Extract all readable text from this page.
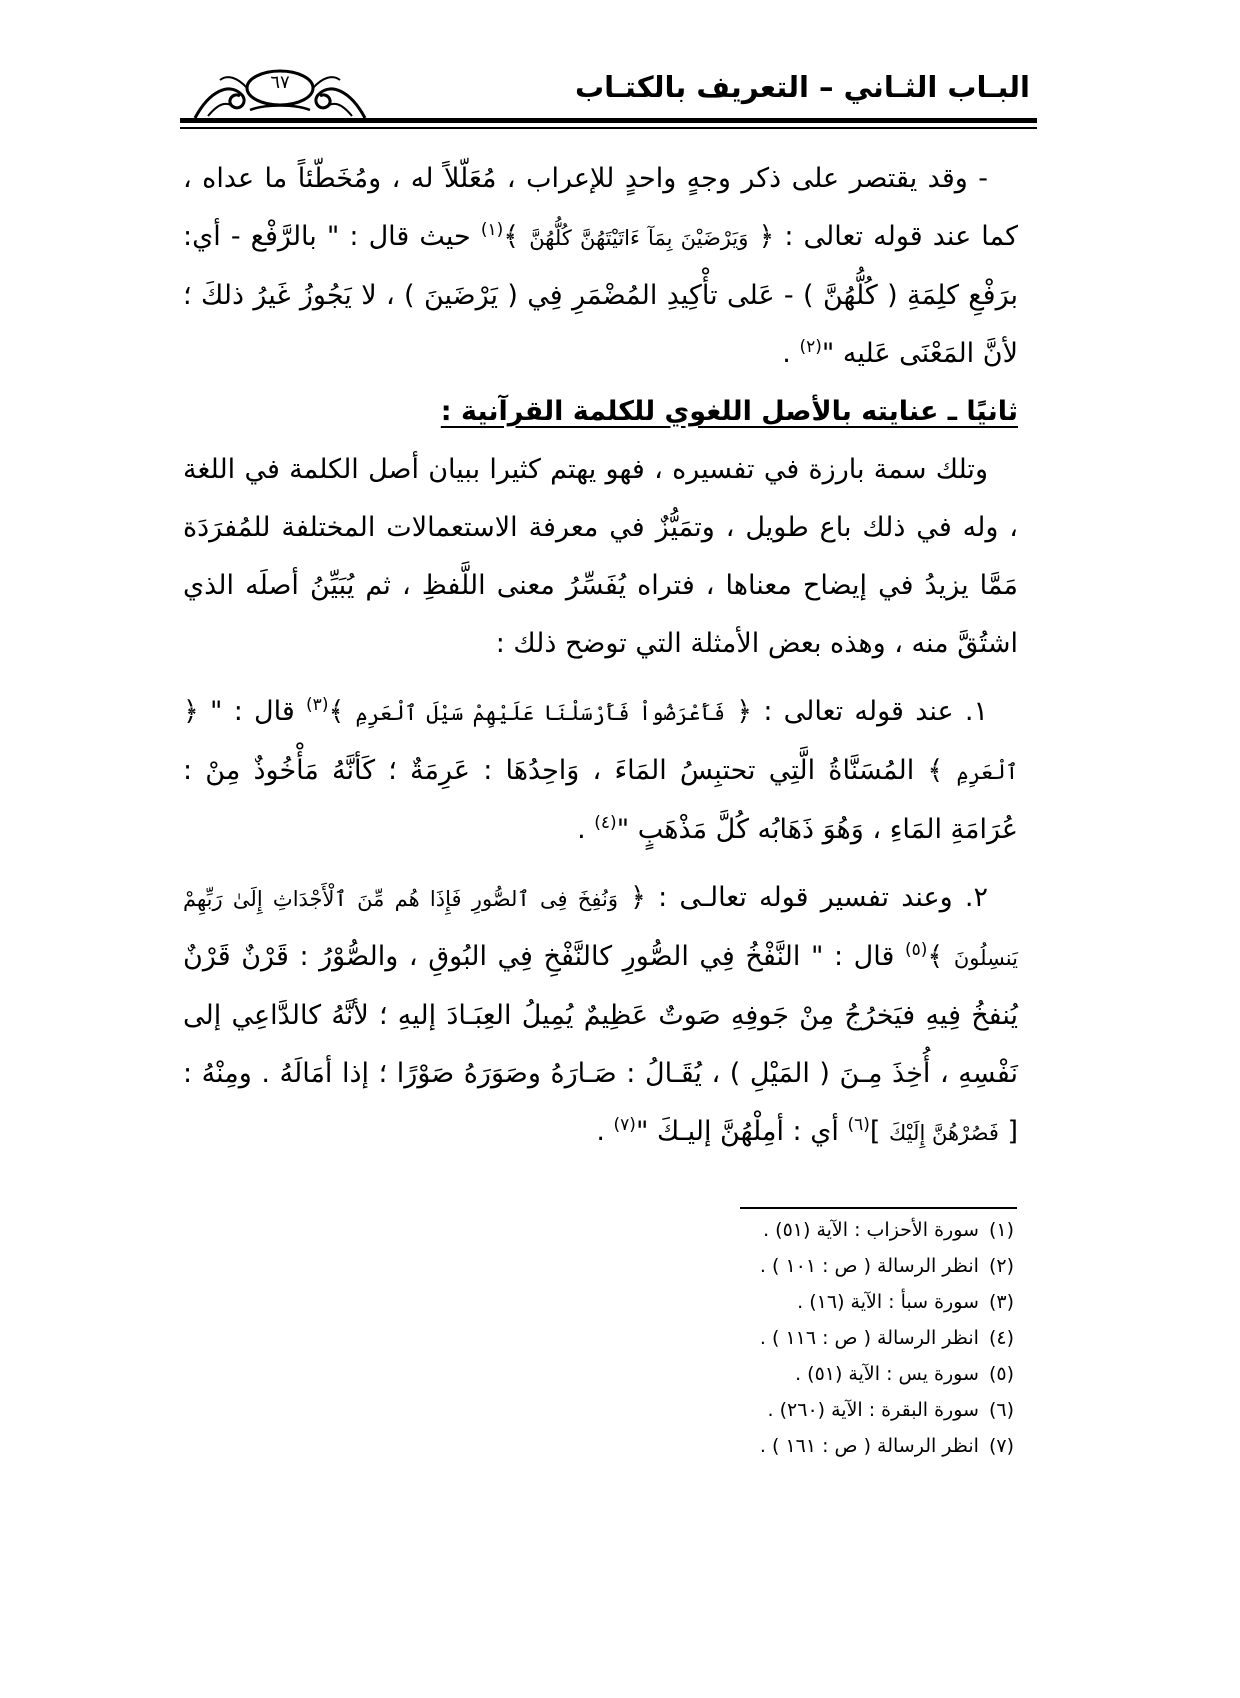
البـاب الثـاني – التعريف بالكتـاب
٦٧

- وقد يقتصر على ذكر وجهٍ واحدٍ للإعراب ، مُعَلّلاً له ، ومُخَطّئاً ما عداه ، كما عند قوله تعالى : ﴿ وَيَرْضَيْنَ بِمَآ ءَاتَيْتَهُنَّ كُلُّهُنَّ ﴾$^{(١)}$ حيث قال : " بالرَّفْع - أي: برَفْعِ كلِمَةِ ( كُلُّهُنَّ ) - عَلى تأْكِيدِ المُضْمَرِ فِي ( يَرْضَينَ ) ، لا يَجُوزُ غَيرُ ذلكَ ؛ لأنَّ المَعْنَى عَليه "$^{(٢)}$ .

ثانيًا ـ عنايته بالأصل اللغوي للكلمة القرآنية :

وتلك سمة بارزة في تفسيره ، فهو يهتم كثيرا ببيان أصل الكلمة في اللغة ، وله في ذلك باع طويل ، وتمَيُّزٌ في معرفة الاستعمالات المختلفة للمُفرَدَة مَمَّا يزيدُ في إيضاح معناها ، فتراه يُفَسِّرُ معنى اللَّفظِ ، ثم يُبَيِّنُ أصلَه الذي اشتُقَّ منه ، وهذه بعض الأمثلة التي توضح ذلك :

١. عند قوله تعالى : ﴿ فَأَعْرَضُواْ فَأَرْسَلْنَا عَلَيْهِمْ سَيْلَ ٱلْعَرِمِ ﴾$^{(٣)}$ قال : " ﴿ ٱلْعَرِمِ ﴾ المُسَنَّاةُ الَّتِي تحتبِسُ المَاءَ ، وَاحِدُهَا : عَرِمَةٌ ؛ كَأنَّهُ مَأْخُوذٌ مِنْ : عُرَامَةِ المَاءِ ، وَهُوَ ذَهَابُه كُلَّ مَذْهَبٍ "$^{(٤)}$ .

٢. وعند تفسير قوله تعالـى : ﴿ وَنُفِخَ فِى ٱلصُّورِ فَإِذَا هُم مِّنَ ٱلْأَجْدَاثِ إِلَىٰ رَبِّهِمْ يَنسِلُونَ ﴾$^{(٥)}$ قال : " النَّفْخُ فِي الصُّورِ كالنَّفْخِ فِي البُوقِ ، والصُّوْرُ : قَرْنٌ قَرْنٌ يُنفخُ فِيهِ فيَخرُجُ مِنْ جَوفِهِ صَوتٌ عَظِيمٌ يُمِيلُ العِبَـادَ إليهِ ؛ لأنَّهُ كالدَّاعِي إلى نَفْسِهِ ، أُخِذَ مِـنَ ( المَيْلِ ) ، يُقَـالُ : صَـارَهُ وصَوَرَهُ صَوْرًا ؛ إذا أمَالَهُ . ومِنْهُ : [ فَصُرْهُنَّ إِلَيْكَ ]$^{(٦)}$ أي : أمِلْهُنَّ إليـكَ "$^{(٧)}$ .

(١)سورة الأحزاب : الآية (٥١) .
(٢)انظر الرسالة ( ص : ١٠١ ) .
(٣)سورة سبأ : الآية (١٦) .
(٤)انظر الرسالة ( ص : ١١٦ ) .
(٥)سورة يس : الآية (٥١) .
(٦)سورة البقرة : الآية (٢٦٠) .
(٧)انظر الرسالة ( ص : ١٦١ ) .
